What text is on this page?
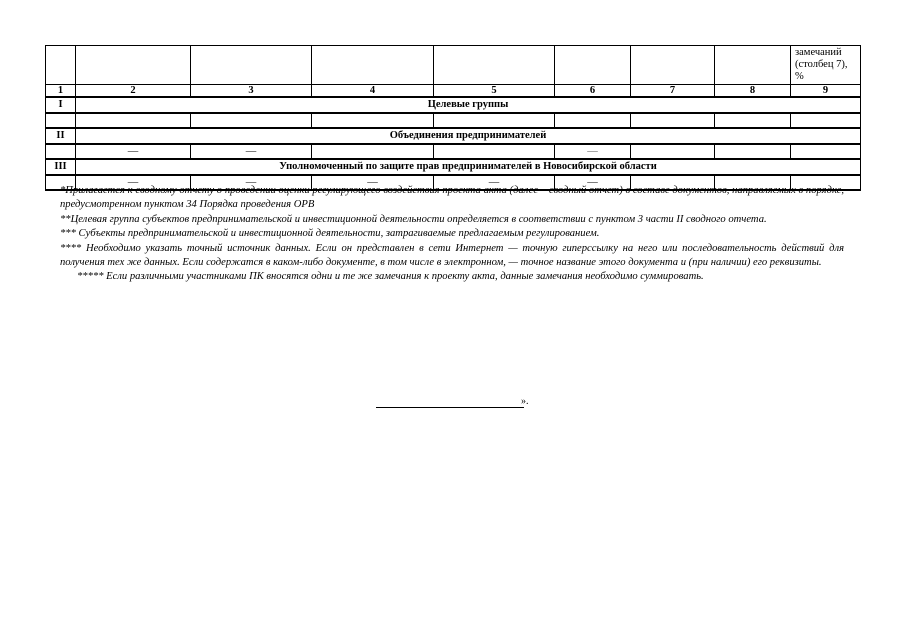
								замечаний (столбец 7), %
1	2	3	4	5	6	7	8	9
I	Целевые группы							

II	Объединения предпринимателей							
	—	—			—			
III	Уполномоченный по защите прав предпринимателей в Новосибирской области							
	—	—	—	—	—			

*Прилагается к сводному отчету о проведении оценки регулирующего воздействия проекта акта (далее – сводный отчет) в составе документов, направляемых в порядке, предусмотренном пунктом 34 Порядка проведения ОРВ

**Целевая группа субъектов предпринимательской и инвестиционной деятельности определяется в соответствии с пунктом 3 части II сводного отчета.

*** Субъекты предпринимательской и инвестиционной деятельности, затрагиваемые предлагаемым регулированием.

**** Необходимо указать точный источник данных. Если он представлен в сети Интернет — точную гиперссылку на него или последовательность действий для получения тех же данных. Если содержатся в каком-либо документе, в том числе в электронном, — точное название этого документа и (при наличии) его реквизиты.

***** Если различными участниками ПК вносятся одни и те же замечания к проекту акта, данные замечания необходимо суммировать.

».
